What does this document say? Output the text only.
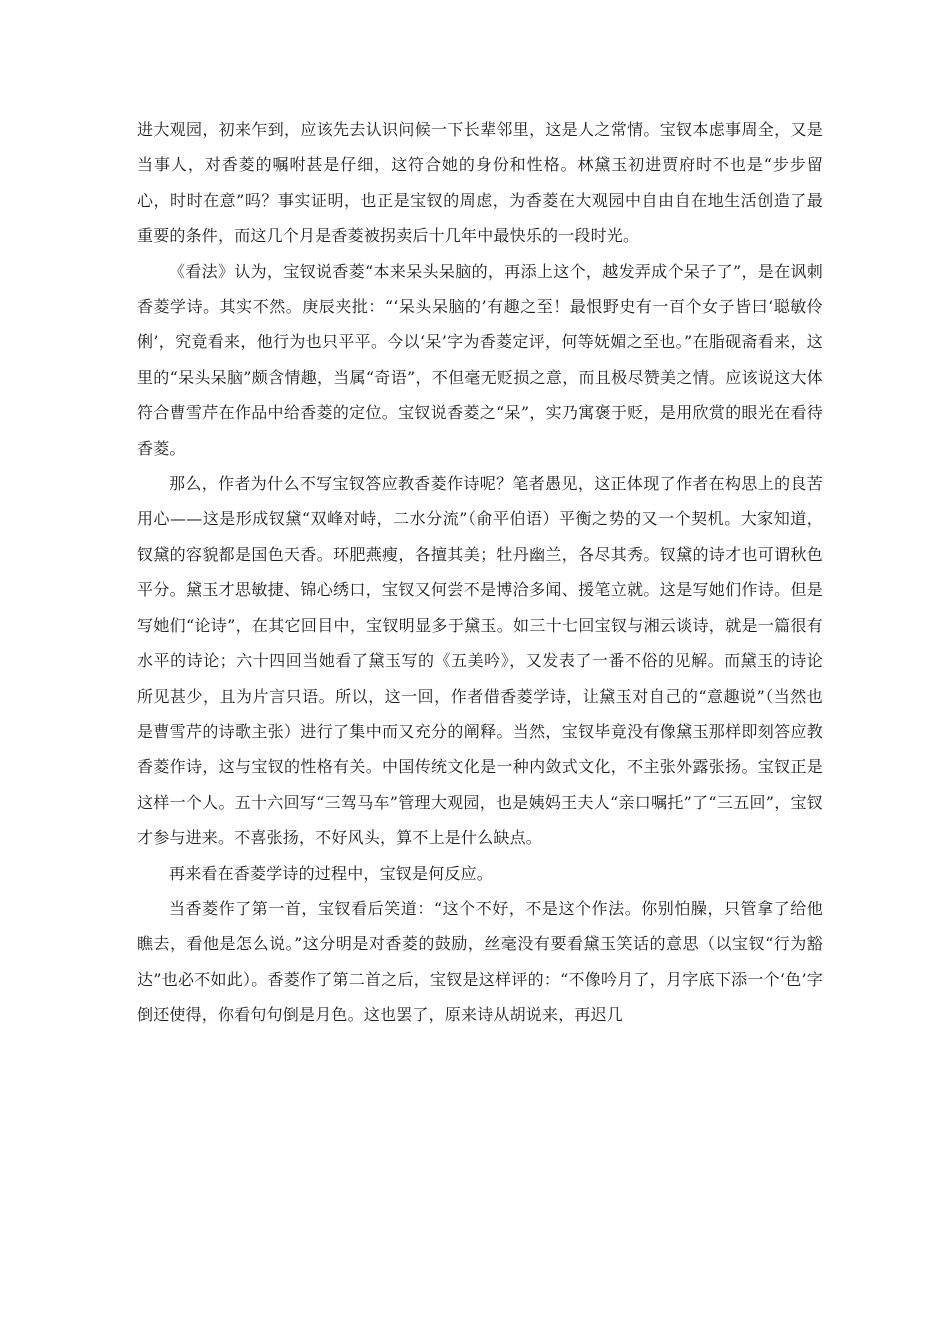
进大观园，初来乍到，应该先去认识问候一下长辈邻里，这是人之常情。宝钗本虑事周全，又是当事人，对香菱的嘱咐甚是仔细，这符合她的身份和性格。林黛玉初进贾府时不也是“步步留心，时时在意”吗？事实证明，也正是宝钗的周虑，为香菱在大观园中自由自在地生活创造了最重要的条件，而这几个月是香菱被拐卖后十几年中最快乐的一段时光。

《看法》认为，宝钗说香菱“本来呆头呆脑的，再添上这个，越发弄成个呆子了”，是在讽刺香菱学诗。其实不然。庚辰夹批：“‘呆头呆脑的’有趣之至！最恨野史有一百个女子皆曰‘聪敏伶俐’，究竟看来，他行为也只平平。今以‘呆’字为香菱定评，何等妩媚之至也。”在脂砚斋看来，这里的“呆头呆脑”颇含情趣，当属“奇语”，不但毫无贬损之意，而且极尽赞美之情。应该说这大体符合曹雪芹在作品中给香菱的定位。宝钗说香菱之“呆”，实乃寓褒于贬，是用欣赏的眼光在看待香菱。

那么，作者为什么不写宝钗答应教香菱作诗呢？笔者愚见，这正体现了作者在构思上的良苦用心——这是形成钗黛“双峰对峙，二水分流”（俞平伯语）平衡之势的又一个契机。大家知道，钗黛的容貌都是国色天香。环肥燕瘦，各擅其美；牡丹幽兰，各尽其秀。钗黛的诗才也可谓秋色平分。黛玉才思敏捷、锦心绣口，宝钗又何尝不是博洽多闻、援笔立就。这是写她们作诗。但是写她们“论诗”，在其它回目中，宝钗明显多于黛玉。如三十七回宝钗与湘云谈诗，就是一篇很有水平的诗论；六十四回当她看了黛玉写的《五美吟》，又发表了一番不俗的见解。而黛玉的诗论所见甚少，且为片言只语。所以，这一回，作者借香菱学诗，让黛玉对自己的“意趣说”（当然也是曹雪芹的诗歌主张）进行了集中而又充分的阐释。当然，宝钗毕竟没有像黛玉那样即刻答应教香菱作诗，这与宝钗的性格有关。中国传统文化是一种内敛式文化，不主张外露张扬。宝钗正是这样一个人。五十六回写“三驾马车”管理大观园，也是姨妈王夫人“亲口嘱托”了“三五回”，宝钗才参与进来。不喜张扬，不好风头，算不上是什么缺点。

再来看在香菱学诗的过程中，宝钗是何反应。

当香菱作了第一首，宝钗看后笑道：“这个不好，不是这个作法。你别怕臊，只管拿了给他瞧去，看他是怎么说。”这分明是对香菱的鼓励，丝毫没有要看黛玉笑话的意思（以宝钗“行为豁达”也必不如此）。香菱作了第二首之后，宝钗是这样评的：“不像吟月了，月字底下添一个‘色’字倒还使得，你看句句倒是月色。这也罢了，原来诗从胡说来，再迟几
